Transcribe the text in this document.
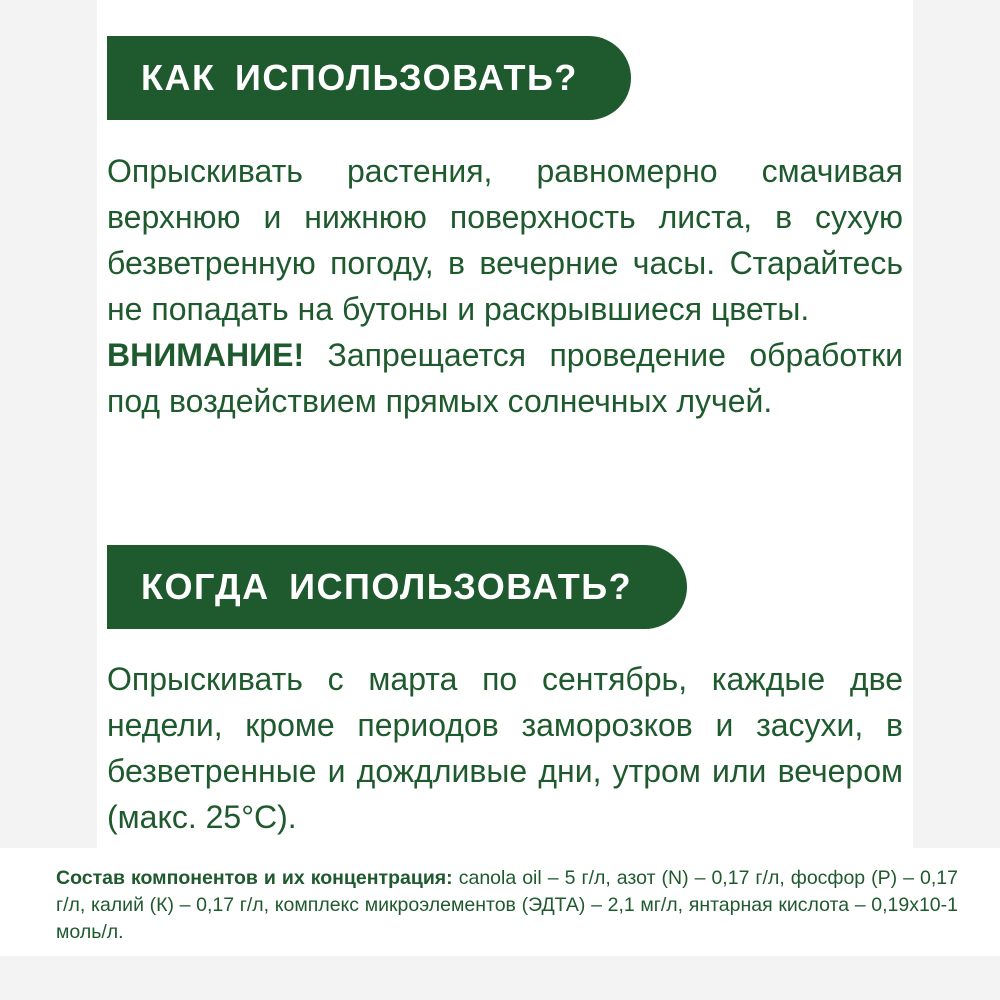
КАК ИСПОЛЬЗОВАТЬ?
Опрыскивать растения, равномерно смачивая верхнюю и нижнюю поверхность листа, в сухую безветренную погоду, в вечерние часы. Старайтесь не попадать на бутоны и раскрывшиеся цветы.
ВНИМАНИЕ! Запрещается проведение обработки под воздействием прямых солнечных лучей.
КОГДА ИСПОЛЬЗОВАТЬ?
Опрыскивать с марта по сентябрь, каждые две недели, кроме периодов заморозков и засухи, в безветренные и дождливые дни, утром или вечером (макс. 25°C).
Состав компонентов и их концентрация: canola oil – 5 г/л, азот (N) – 0,17 г/л, фосфор (Р) – 0,17 г/л, калий (К) – 0,17 г/л, комплекс микроэлементов (ЭДТА) – 2,1 мг/л, янтарная кислота – 0,19х10-1 моль/л.
